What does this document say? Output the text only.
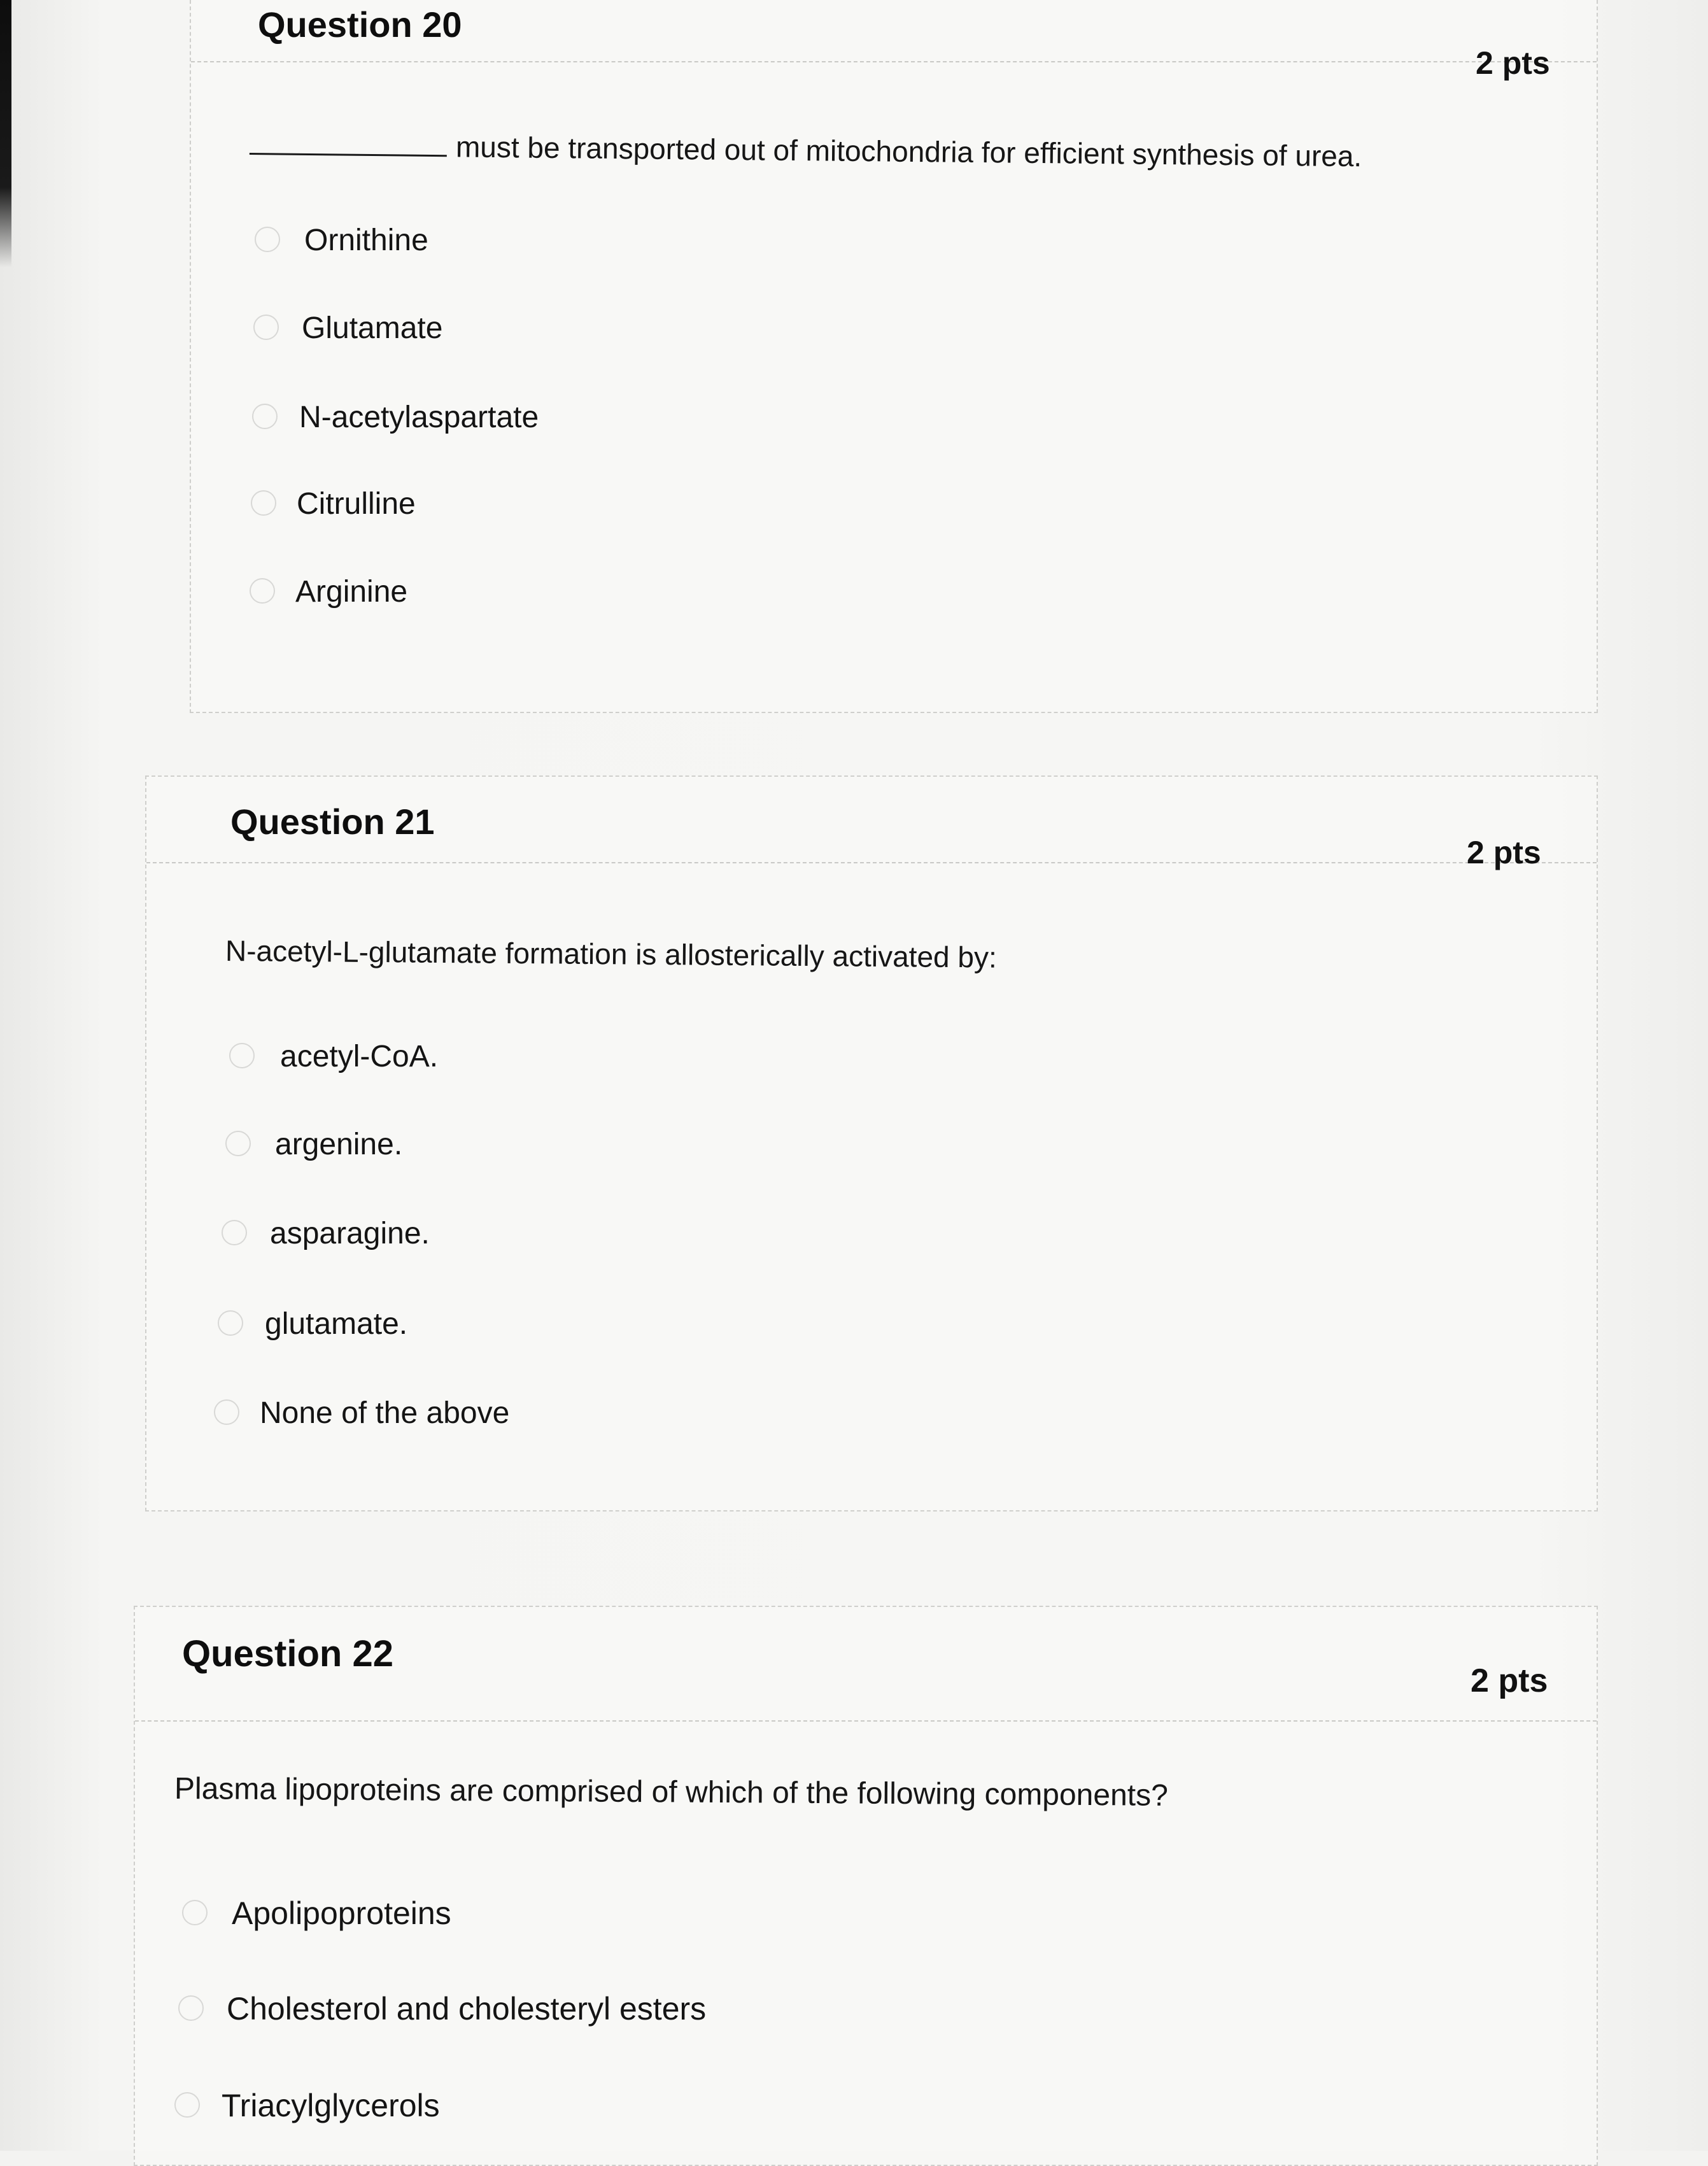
Question 20
2 pts
must be transported out of mitochondria for efficient synthesis of urea.
Ornithine
Glutamate
N-acetylaspartate
Citrulline
Arginine
Question 21
2 pts
N-acetyl-L-glutamate formation is allosterically activated by:
acetyl-CoA.
argenine.
asparagine.
glutamate.
None of the above
Question 22
2 pts
Plasma lipoproteins are comprised of which of the following components?
Apolipoproteins
Cholesterol and cholesteryl esters
Triacylglycerols
